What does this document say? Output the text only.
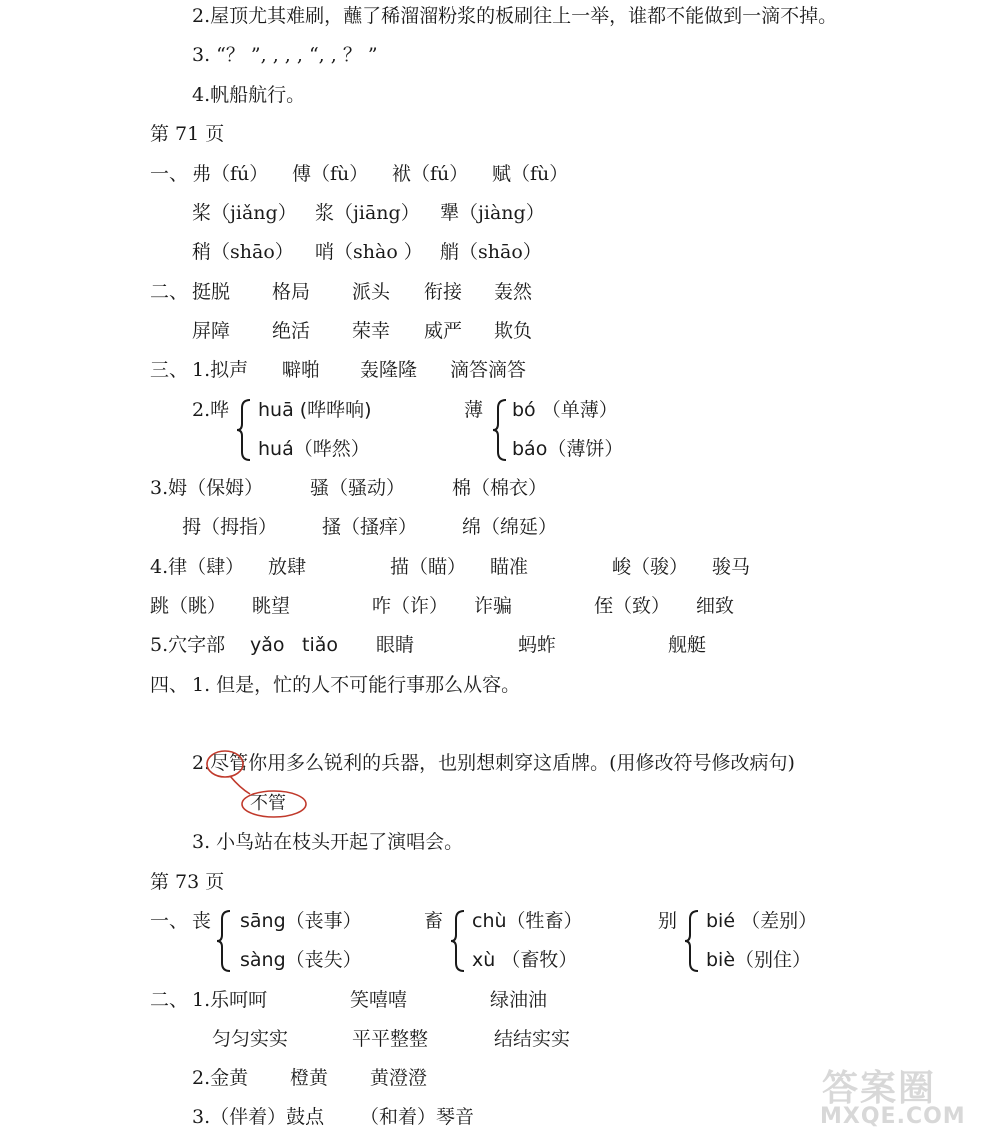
2.屋顶尤其难刷，蘸了稀溜溜粉浆的板刷往上一举，谁都不能做到一滴不掉。
3. “？ ”, , , , “, , ？ ”
4.帆船航行。
第 71 页
一、 弗（fú） 傅（fù） 袱（fú） 赋（fù）
桨（jiǎng） 浆（jiāng） 犟（jiàng）
稍（shāo） 哨（shào ） 艄（shāo）
二、 挺脱 格局 派头 衔接 轰然
屏障 绝活 荣幸 威严 欺负
三、 1.拟声 噼啪 轰隆隆 滴答滴答
2.哗 huā (哗哗响)
huá（哗然）
薄 bó （单薄）
báo（薄饼）
3.姆（保姆） 骚（骚动） 棉（棉衣）
拇（拇指） 搔（搔痒） 绵（绵延）
4.律（肆） 放肆	描（瞄） 瞄准	峻（骏） 骏马
跳（眺） 眺望	咋（诈） 诈骗	侄（致） 细致
5.穴字部 yǎo tiǎo 眼睛	蚂蚱	舰艇
四、 1. 但是，忙的人不可能行事那么从容。
2.尽管你用多么锐利的兵器，也别想刺穿这盾牌。(用修改符号修改病句)
不管
3. 小鸟站在枝头开起了演唱会。
第 73 页
一、 丧 sāng（丧事）
sàng（丧失）
畜 chù（牲畜）
xù （畜牧）
别 bié （差别）
biè（别住）
二、 1.乐呵呵	笑嘻嘻	绿油油
匀匀实实	平平整整	结结实实
2.金黄 橙黄 黄澄澄
3.（伴着）鼓点 （和着）琴音
答案圈
MXQE.COM
